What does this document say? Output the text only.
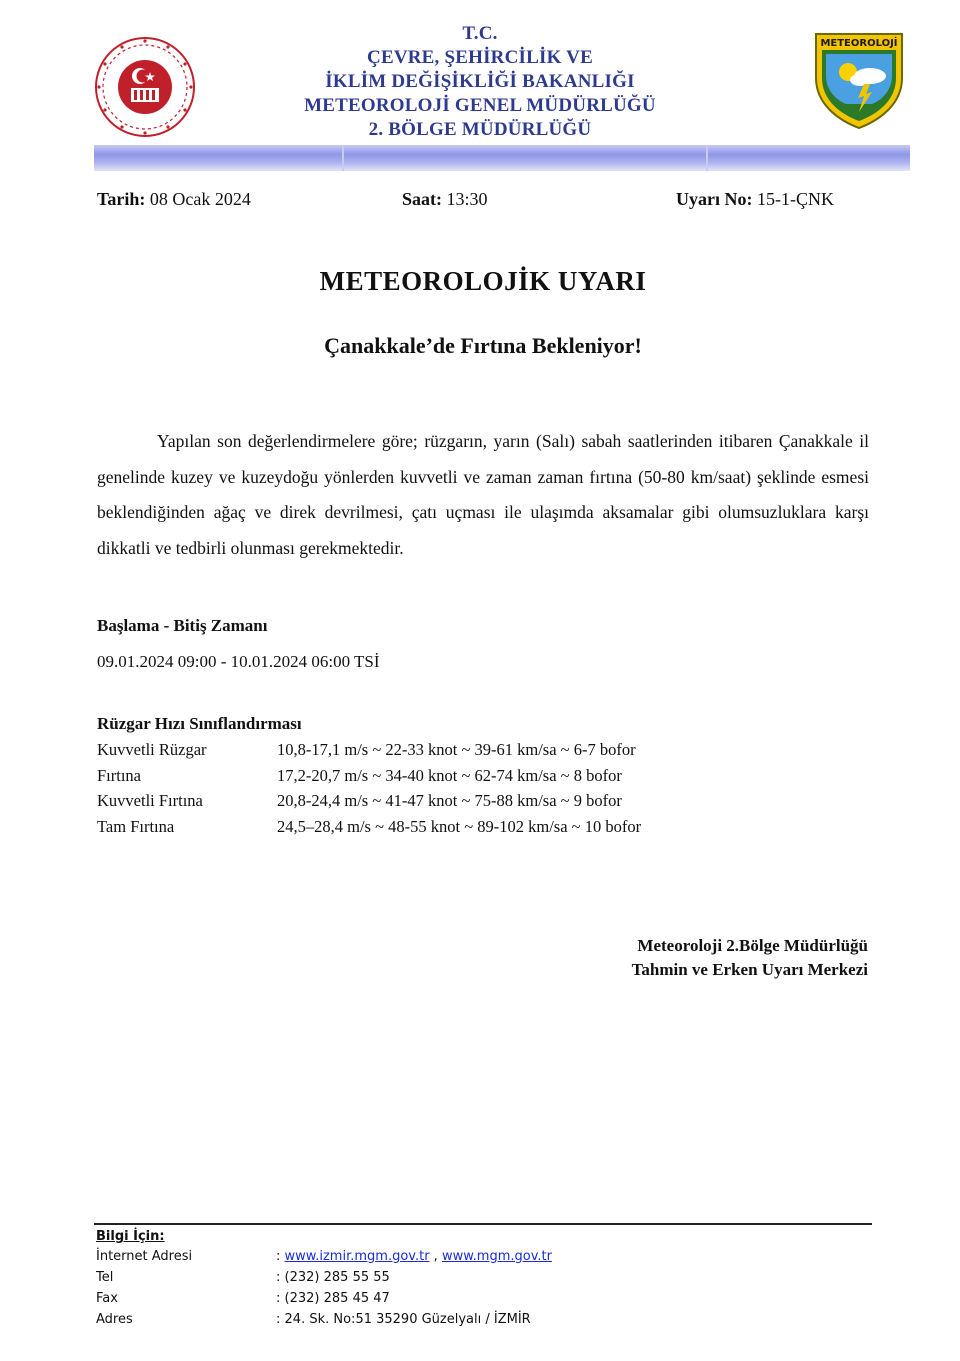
T.C.
ÇEVRE, ŞEHİRCİLİK VE
İKLİM DEĞİŞİKLİĞİ BAKANLIĞI
METEOROLOJİ GENEL MÜDÜRLÜĞÜ
2. BÖLGE MÜDÜRLÜĞÜ
METEOROLOJİ
Tarih: 08 Ocak 2024	Saat: 13:30	Uyarı No: 15-1-ÇNK
METEOROLOJİK UYARI
Çanakkale’de Fırtına Bekleniyor!
Yapılan son değerlendirmelere göre; rüzgarın, yarın (Salı) sabah saatlerinden itibaren Çanakkale il genelinde kuzey ve kuzeydoğu yönlerden kuvvetli ve zaman zaman fırtına (50-80 km/saat) şeklinde esmesi beklendiğinden ağaç ve direk devrilmesi, çatı uçması ile ulaşımda aksamalar gibi olumsuzluklara karşı dikkatli ve tedbirli olunması gerekmektedir.
Başlama - Bitiş Zamanı
09.01.2024 09:00 - 10.01.2024 06:00 TSİ
Rüzgar Hızı Sınıflandırması
Kuvvetli Rüzgar	10,8-17,1 m/s ~ 22-33 knot ~ 39-61 km/sa ~ 6-7 bofor
Fırtına	17,2-20,7 m/s ~ 34-40 knot ~ 62-74 km/sa ~ 8 bofor
Kuvvetli Fırtına	20,8-24,4 m/s ~ 41-47 knot ~ 75-88 km/sa ~ 9 bofor
Tam Fırtına	24,5–28,4 m/s ~ 48-55 knot ~ 89-102 km/sa ~ 10 bofor
Meteoroloji 2.Bölge Müdürlüğü
Tahmin ve Erken Uyarı Merkezi
Bilgi İçin:
İnternet Adresi	: www.izmir.mgm.gov.tr , www.mgm.gov.tr
Tel	: (232) 285 55 55
Fax	: (232) 285 45 47
Adres	: 24. Sk. No:51 35290 Güzelyalı / İZMİR
